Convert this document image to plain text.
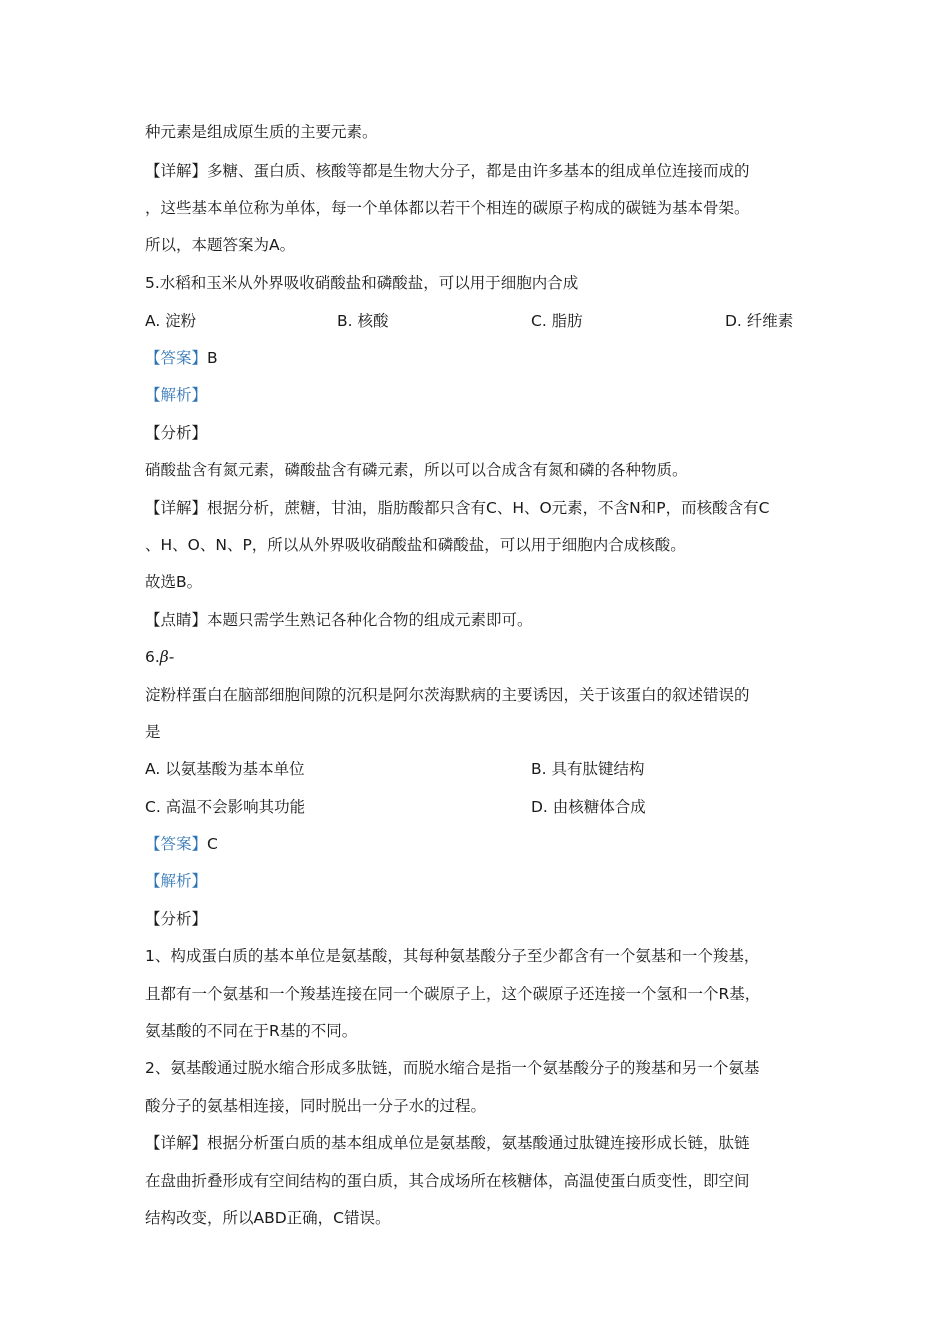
种元素是组成原生质的主要元素。
【详解】多糖、蛋白质、核酸等都是生物大分子，都是由许多基本的组成单位连接而成的
，这些基本单位称为单体，每一个单体都以若干个相连的碳原子构成的碳链为基本骨架。
所以，本题答案为A。
5.水稻和玉米从外界吸收硝酸盐和磷酸盐，可以用于细胞内合成
A. 淀粉	B. 核酸	C. 脂肪	D. 纤维素
【答案】B
【解析】
【分析】
硝酸盐含有氮元素，磷酸盐含有磷元素，所以可以合成含有氮和磷的各种物质。
【详解】根据分析，蔗糖，甘油，脂肪酸都只含有C、H、O元素，不含N和P，而核酸含有C
、H、O、N、P，所以从外界吸收硝酸盐和磷酸盐，可以用于细胞内合成核酸。
故选B。
【点睛】本题只需学生熟记各种化合物的组成元素即可。
6.β-
淀粉样蛋白在脑部细胞间隙的沉积是阿尔茨海默病的主要诱因，关于该蛋白的叙述错误的
是
A. 以氨基酸为基本单位	B. 具有肽键结构
C. 高温不会影响其功能	D. 由核糖体合成
【答案】C
【解析】
【分析】
1、构成蛋白质的基本单位是氨基酸，其每种氨基酸分子至少都含有一个氨基和一个羧基，
且都有一个氨基和一个羧基连接在同一个碳原子上，这个碳原子还连接一个氢和一个R基，
氨基酸的不同在于R基的不同。
2、氨基酸通过脱水缩合形成多肽链，而脱水缩合是指一个氨基酸分子的羧基和另一个氨基
酸分子的氨基相连接，同时脱出一分子水的过程。
【详解】根据分析蛋白质的基本组成单位是氨基酸，氨基酸通过肽键连接形成长链，肽链
在盘曲折叠形成有空间结构的蛋白质，其合成场所在核糖体，高温使蛋白质变性，即空间
结构改变，所以ABD正确，C错误。
